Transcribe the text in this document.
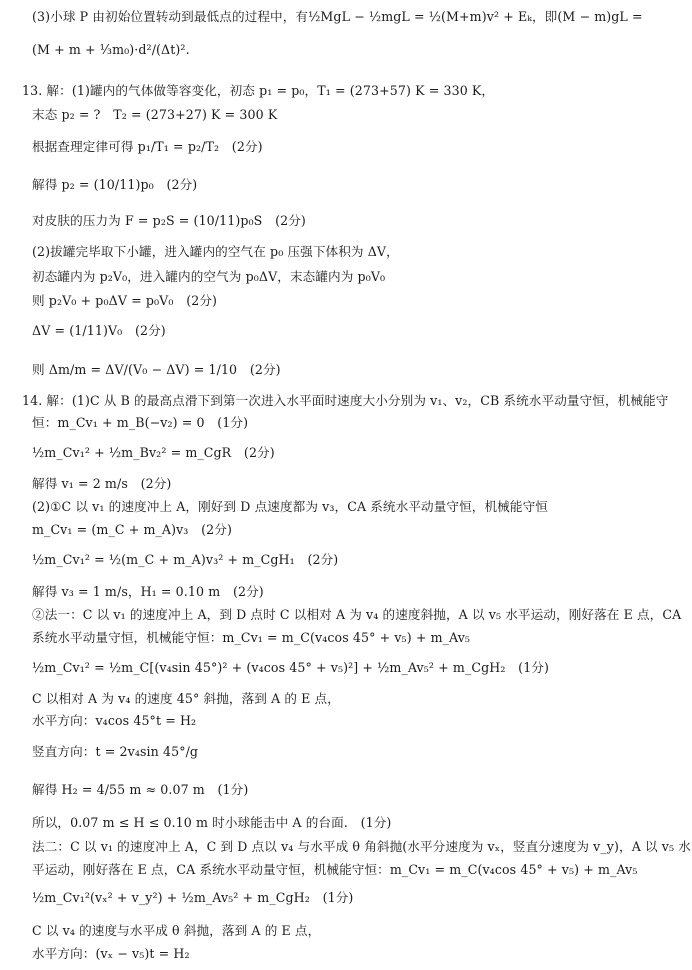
(3)小球 P 由初始位置转动到最低点的过程中，有½MgL − ½mgL = ½(M+m)v² + Eₖ，即(M − m)gL =
(M + m + ⅓m₀)·d²/(Δt)².
13. 解：(1)罐内的气体做等容变化，初态 p₁ = p₀，T₁ = (273+57) K = 330 K，
末态 p₂ = ?　T₂ = (273+27) K = 300 K
根据查理定律可得 p₁/T₁ = p₂/T₂　(2分)
解得 p₂ = (10/11)p₀　(2分)
对皮肤的压力为 F = p₂S = (10/11)p₀S　(2分)
(2)拔罐完毕取下小罐，进入罐内的空气在 p₀ 压强下体积为 ΔV，
初态罐内为 p₂V₀，进入罐内的空气为 p₀ΔV，末态罐内为 p₀V₀
则 p₂V₀ + p₀ΔV = p₀V₀　(2分)
ΔV = (1/11)V₀　(2分)
则 Δm/m = ΔV/(V₀ − ΔV) = 1/10　(2分)
14. 解：(1)C 从 B 的最高点滑下到第一次进入水平面时速度大小分别为 v₁、v₂，CB 系统水平动量守恒，机械能守
恒：m_Cv₁ + m_B(−v₂) = 0　(1分)
½m_Cv₁² + ½m_Bv₂² = m_CgR　(2分)
解得 v₁ = 2 m/s　(2分)
(2)①C 以 v₁ 的速度冲上 A，刚好到 D 点速度都为 v₃，CA 系统水平动量守恒，机械能守恒
m_Cv₁ = (m_C + m_A)v₃　(2分)
½m_Cv₁² = ½(m_C + m_A)v₃² + m_CgH₁　(2分)
解得 v₃ = 1 m/s，H₁ = 0.10 m　(2分)
②法一：C 以 v₁ 的速度冲上 A，到 D 点时 C 以相对 A 为 v₄ 的速度斜抛，A 以 v₅ 水平运动，刚好落在 E 点，CA
系统水平动量守恒，机械能守恒：m_Cv₁ = m_C(v₄cos 45° + v₅) + m_Av₅
½m_Cv₁² = ½m_C[(v₄sin 45°)² + (v₄cos 45° + v₅)²] + ½m_Av₅² + m_CgH₂　(1分)
C 以相对 A 为 v₄ 的速度 45° 斜抛，落到 A 的 E 点，
水平方向：v₄cos 45°t = H₂
竖直方向：t = 2v₄sin 45°/g
解得 H₂ = 4/55 m ≈ 0.07 m　(1分)
所以，0.07 m ≤ H ≤ 0.10 m 时小球能击中 A 的台面.　(1分)
法二：C 以 v₁ 的速度冲上 A，C 到 D 点以 v₄ 与水平成 θ 角斜抛(水平分速度为 vₓ，竖直分速度为 v_y)，A 以 v₅ 水
平运动，刚好落在 E 点，CA 系统水平动量守恒，机械能守恒：m_Cv₁ = m_C(v₄cos 45° + v₅) + m_Av₅
½m_Cv₁²(vₓ² + v_y²) + ½m_Av₅² + m_CgH₂　(1分)
C 以 v₄ 的速度与水平成 θ 斜抛，落到 A 的 E 点，
水平方向：(vₓ − v₅)t = H₂
